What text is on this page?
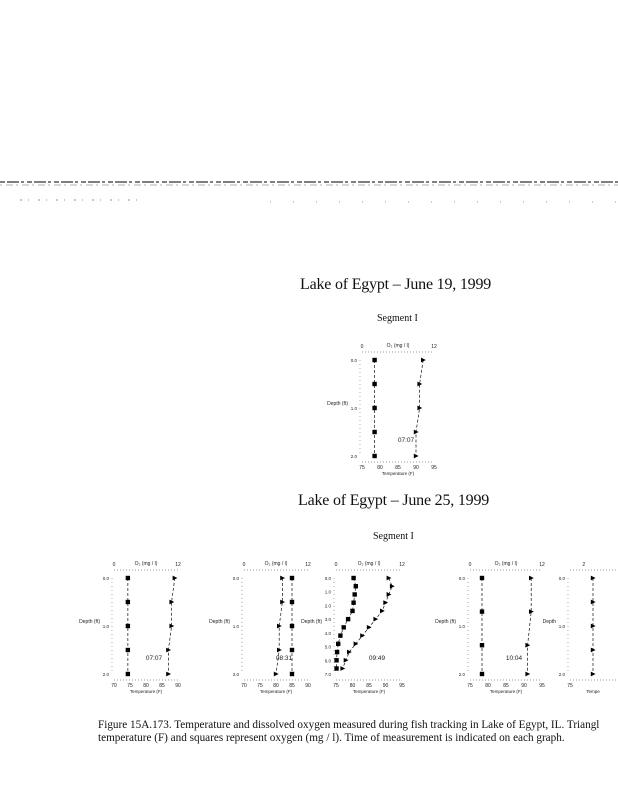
Lake of Egypt – June 19, 1999
Segment I
Lake of Egypt – June 25, 1999
Segment I
0	12
O₂ (mg / l)
75 80 85 90 95
Temperature (F)
0.0
1.0
2.0
Depth (ft)
07:07
0	12
O₂ (mg / l)
70 75 80 85 90
Temperature (F)
0.0
1.0
2.0
Depth (ft)
07:07
0	12
O₂ (mg / l)
70 75 80 85 90
Temperature (F)
0.0
1.0
2.0
Depth (ft)
08:31
0	12
O₂ (mg / l)
75 80 85 90 95
Temperature (F)
0.0
1.0
2.0
3.0
4.0
5.0
6.0
7.0
Depth (ft)
09:49
0	12
O₂ (mg / l)
75 80 85 90 95
Temperature (F)
0.0
1.0
2.0
Depth (ft)
10:04
2
75
Tempe
0.0
1.0
2.0
Depth
Figure 15A.173. Temperature and dissolved oxygen measured during fish tracking in Lake of Egypt, IL. Triangl
temperature (F) and squares represent oxygen (mg / l). Time of measurement is indicated on each graph.
